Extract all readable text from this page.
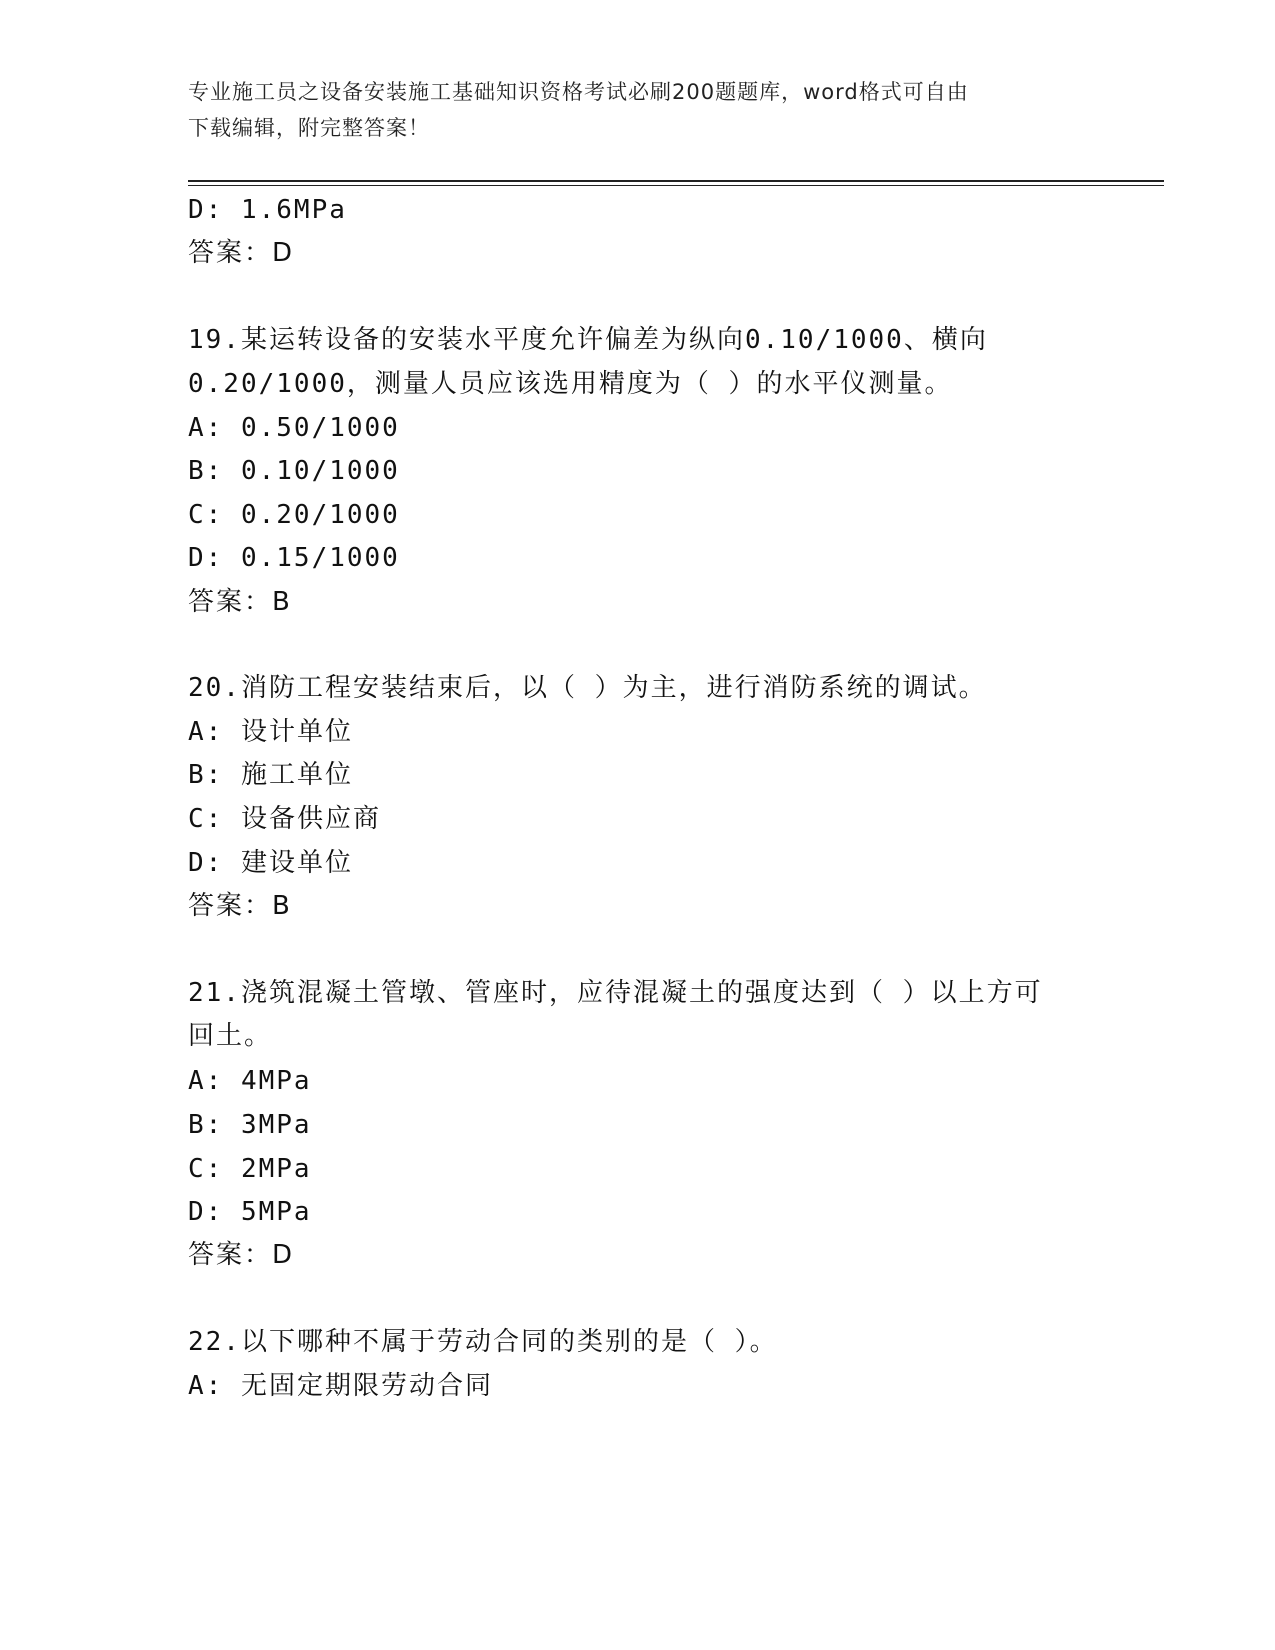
专业施工员之设备安装施工基础知识资格考试必刷200题题库，word格式可自由
下载编辑，附完整答案！
D: 1.6MPa
答案：D
19.某运转设备的安装水平度允许偏差为纵向0.10/1000、横向
0.20/1000，测量人员应该选用精度为（ ）的水平仪测量。
A: 0.50/1000
B: 0.10/1000
C: 0.20/1000
D: 0.15/1000
答案：B
20.消防工程安装结束后，以（ ）为主，进行消防系统的调试。
A: 设计单位
B: 施工单位
C: 设备供应商
D: 建设单位
答案：B
21.浇筑混凝土管墩、管座时，应待混凝土的强度达到（ ）以上方可
回土。
A: 4MPa
B: 3MPa
C: 2MPa
D: 5MPa
答案：D
22.以下哪种不属于劳动合同的类别的是（ ）。
A: 无固定期限劳动合同
